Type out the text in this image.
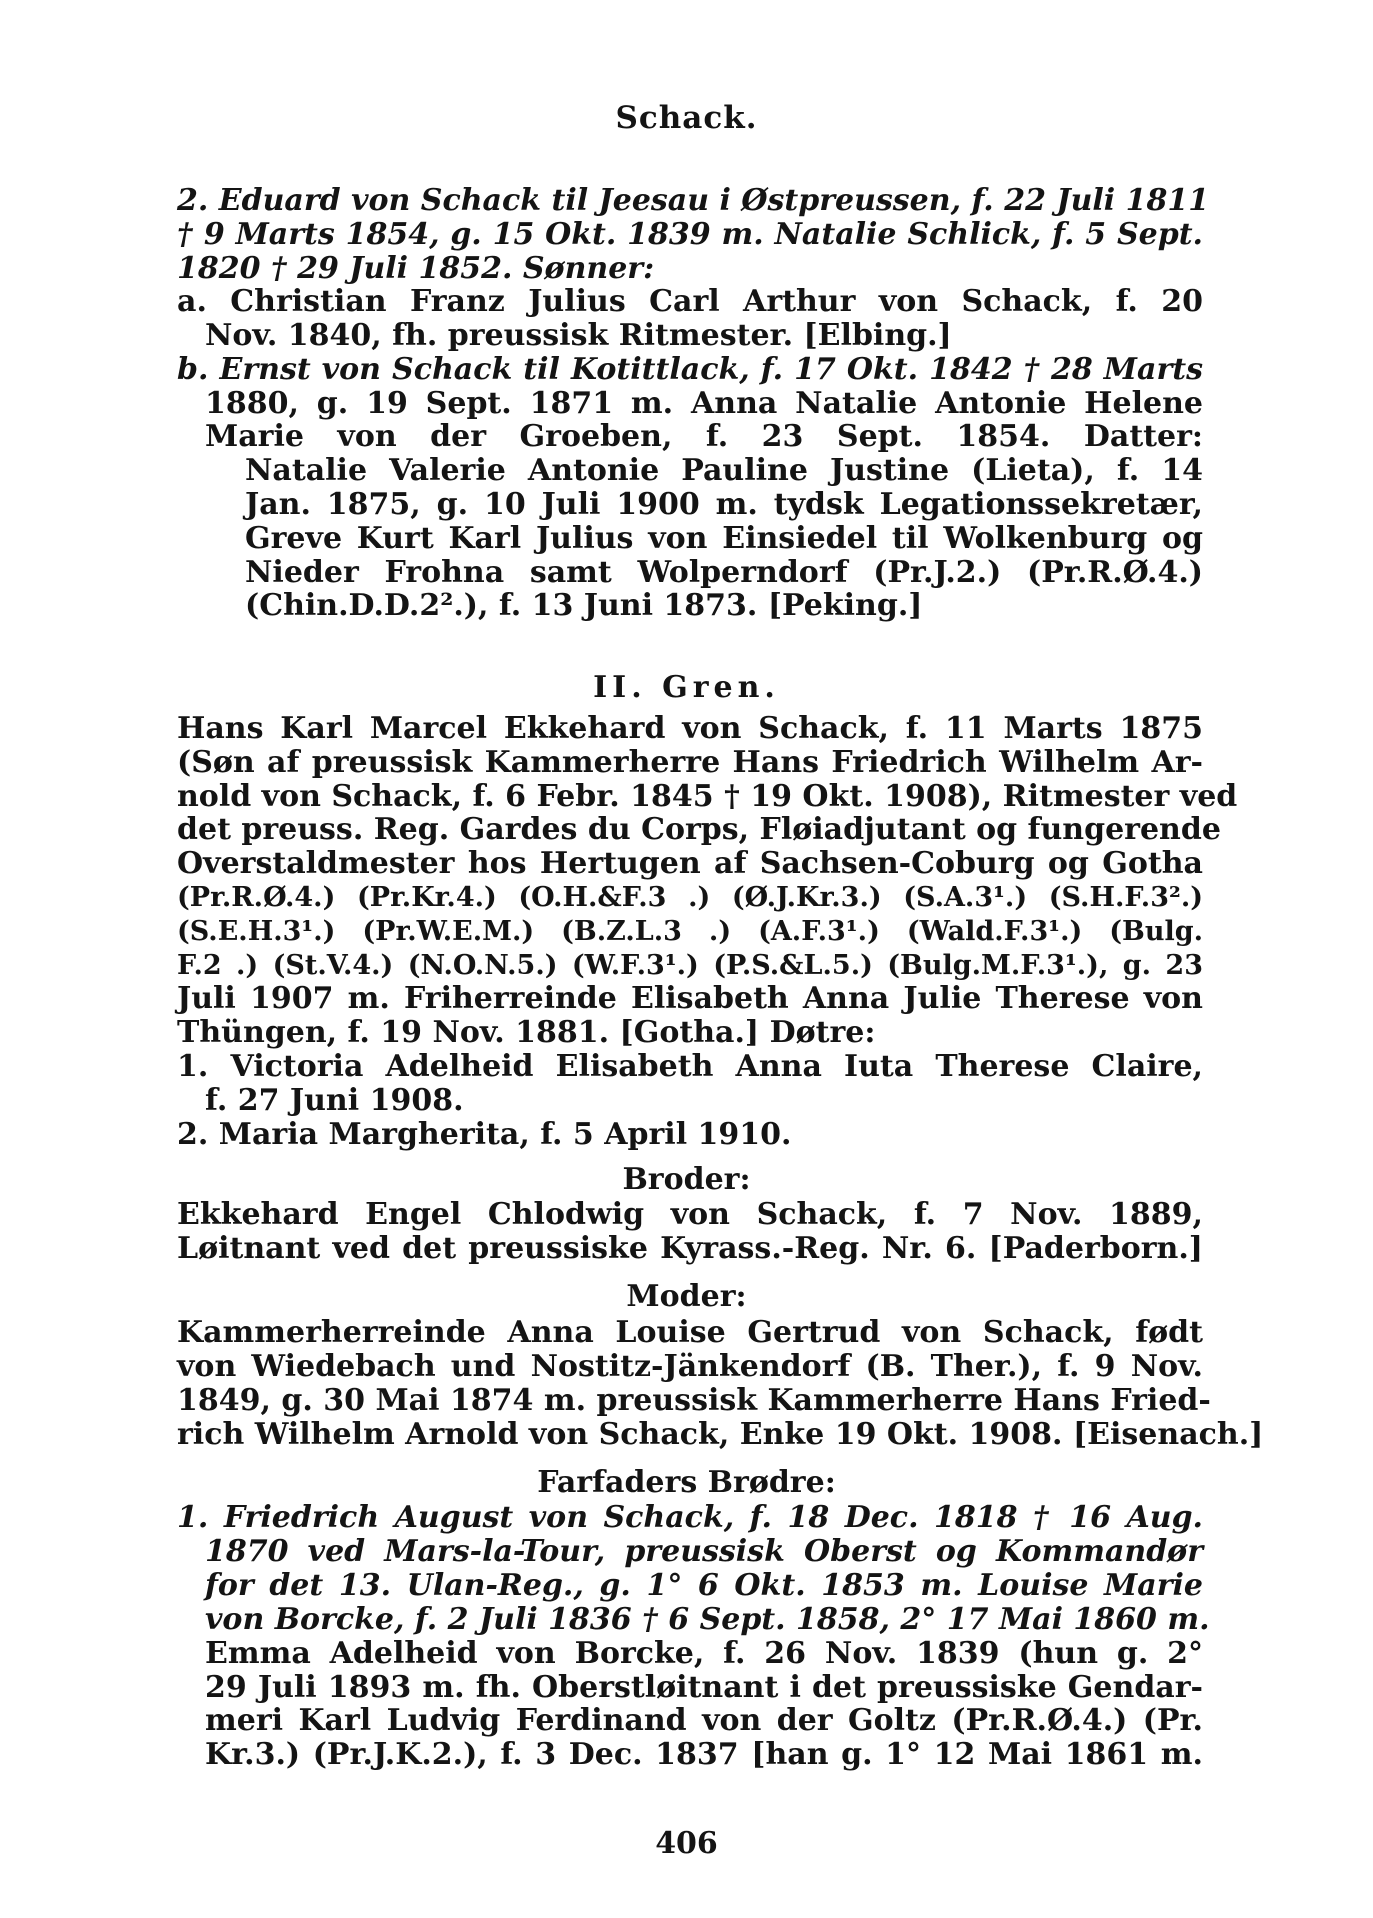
Schack.
2. Eduard von Schack til Jeesau i Østpreussen, f. 22 Juli 1811
† 9 Marts 1854, g. 15 Okt. 1839 m. Natalie Schlick, f. 5 Sept.
1820 † 29 Juli 1852. Sønner:
a. Christian Franz Julius Carl Arthur von Schack, f. 20
Nov. 1840, fh. preussisk Ritmester. [Elbing.]
b. Ernst von Schack til Kotittlack, f. 17 Okt. 1842 † 28 Marts
1880, g. 19 Sept. 1871 m. Anna Natalie Antonie Helene
Marie von der Groeben, f. 23 Sept. 1854. Datter:
Natalie Valerie Antonie Pauline Justine (Lieta), f. 14
Jan. 1875, g. 10 Juli 1900 m. tydsk Legationssekretær,
Greve Kurt Karl Julius von Einsiedel til Wolkenburg og
Nieder Frohna samt Wolperndorf (Pr.J.2.) (Pr.R.Ø.4.)
(Chin.D.D.2².), f. 13 Juni 1873. [Peking.]
II. Gren.
Hans Karl Marcel Ekkehard von Schack, f. 11 Marts 1875
(Søn af preussisk Kammerherre Hans Friedrich Wilhelm Ar-
nold von Schack, f. 6 Febr. 1845 † 19 Okt. 1908), Ritmester ved
det preuss. Reg. Gardes du Corps, Fløiadjutant og fungerende
Overstaldmester hos Hertugen af Sachsen-Coburg og Gotha
(Pr.R.Ø.4.) (Pr.Kr.4.) (O.H.&F.3 .) (Ø.J.Kr.3.) (S.A.3¹.) (S.H.F.3².)
(S.E.H.3¹.) (Pr.W.E.M.) (B.Z.L.3 .) (A.F.3¹.) (Wald.F.3¹.) (Bulg.
F.2 .) (St.V.4.) (N.O.N.5.) (W.F.3¹.) (P.S.&L.5.) (Bulg.M.F.3¹.), g. 23
Juli 1907 m. Friherreinde Elisabeth Anna Julie Therese von
Thüngen, f. 19 Nov. 1881. [Gotha.] Døtre:
1. Victoria Adelheid Elisabeth Anna Iuta Therese Claire,
f. 27 Juni 1908.
2. Maria Margherita, f. 5 April 1910.
Broder:
Ekkehard Engel Chlodwig von Schack, f. 7 Nov. 1889,
Løitnant ved det preussiske Kyrass.-Reg. Nr. 6. [Paderborn.]
Moder:
Kammerherreinde Anna Louise Gertrud von Schack, født
von Wiedebach und Nostitz-Jänkendorf (B. Ther.), f. 9 Nov.
1849, g. 30 Mai 1874 m. preussisk Kammerherre Hans Fried-
rich Wilhelm Arnold von Schack, Enke 19 Okt. 1908. [Eisenach.]
Farfaders Brødre:
1. Friedrich August von Schack, f. 18 Dec. 1818 † 16 Aug.
1870 ved Mars-la-Tour, preussisk Oberst og Kommandør
for det 13. Ulan-Reg., g. 1° 6 Okt. 1853 m. Louise Marie
von Borcke, f. 2 Juli 1836 † 6 Sept. 1858, 2° 17 Mai 1860 m.
Emma Adelheid von Borcke, f. 26 Nov. 1839 (hun g. 2°
29 Juli 1893 m. fh. Oberstløitnant i det preussiske Gendar-
meri Karl Ludvig Ferdinand von der Goltz (Pr.R.Ø.4.) (Pr.
Kr.3.) (Pr.J.K.2.), f. 3 Dec. 1837 [han g. 1° 12 Mai 1861 m.
406
